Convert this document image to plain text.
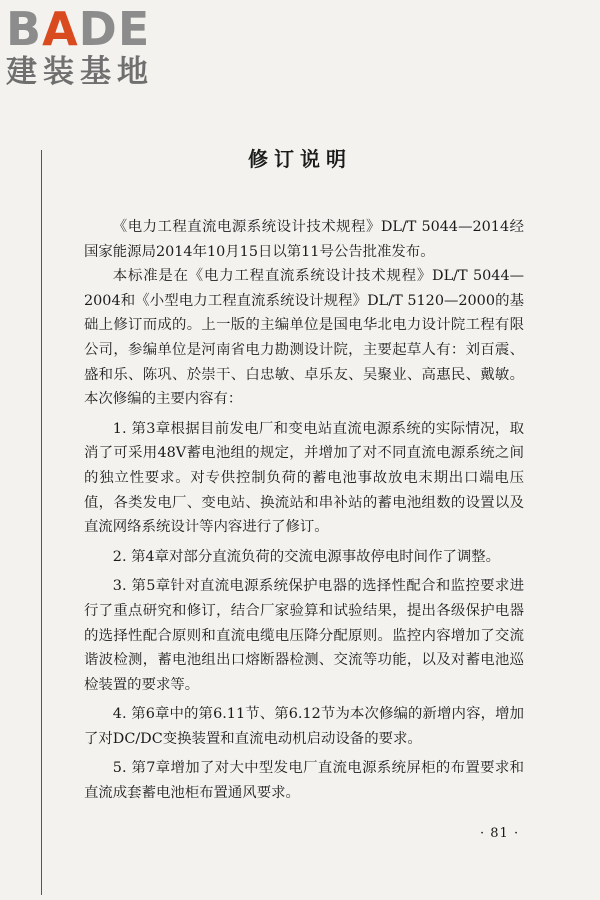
BADE
建装基地
修订说明

《电力工程直流电源系统设计技术规程》DL/T 5044—2014经国家能源局2014年10月15日以第11号公告批准发布。

本标准是在《电力工程直流系统设计技术规程》DL/T 5044—2004和《小型电力工程直流系统设计规程》DL/T 5120—2000的基础上修订而成的。上一版的主编单位是国电华北电力设计院工程有限公司，参编单位是河南省电力勘测设计院，主要起草人有：刘百震、盛和乐、陈巩、於崇干、白忠敏、卓乐友、吴聚业、高惠民、戴敏。本次修编的主要内容有：

1. 第3章根据目前发电厂和变电站直流电源系统的实际情况，取消了可采用48V蓄电池组的规定，并增加了对不同直流电源系统之间的独立性要求。对专供控制负荷的蓄电池事故放电末期出口端电压值，各类发电厂、变电站、换流站和串补站的蓄电池组数的设置以及直流网络系统设计等内容进行了修订。

2. 第4章对部分直流负荷的交流电源事故停电时间作了调整。

3. 第5章针对直流电源系统保护电器的选择性配合和监控要求进行了重点研究和修订，结合厂家验算和试验结果，提出各级保护电器的选择性配合原则和直流电缆电压降分配原则。监控内容增加了交流谐波检测，蓄电池组出口熔断器检测、交流等功能，以及对蓄电池巡检装置的要求等。

4. 第6章中的第6.11节、第6.12节为本次修编的新增内容，增加了对DC/DC变换装置和直流电动机启动设备的要求。

5. 第7章增加了对大中型发电厂直流电源系统屏柜的布置要求和直流成套蓄电池柜布置通风要求。

· 81 ·
